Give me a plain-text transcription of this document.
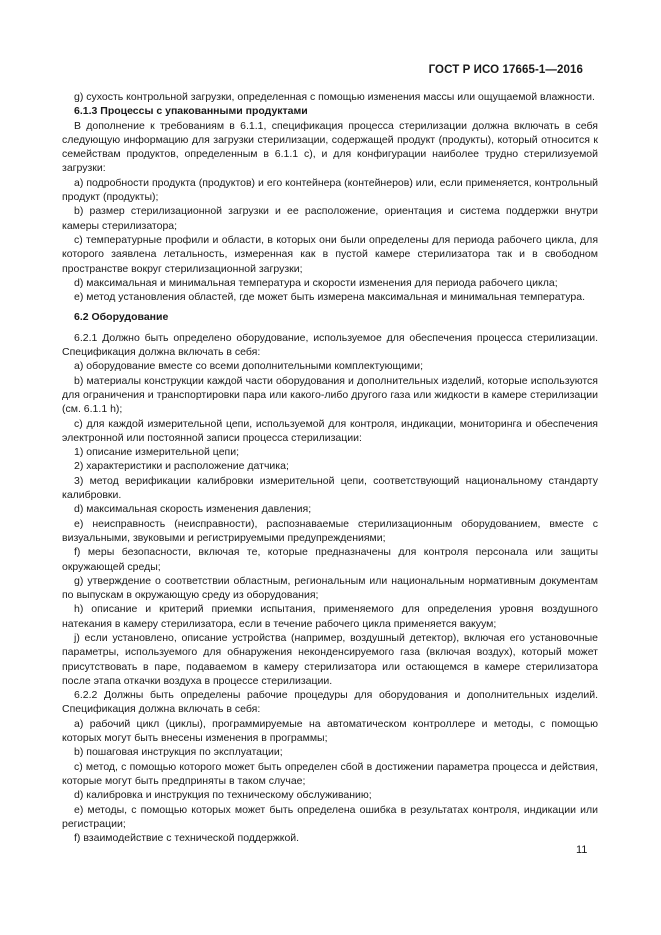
ГОСТ Р ИСО 17665-1—2016

g) сухость контрольной загрузки, определенная с помощью изменения массы или ощущаемой влажности.

6.1.3 Процессы с упакованными продуктами

В дополнение к требованиям в 6.1.1, спецификация процесса стерилизации должна включать в себя следующую информацию для загрузки стерилизации, содержащей продукт (продукты), который относится к семействам продуктов, определенным в 6.1.1 c), и для конфигурации наиболее трудно стерилизуемой загрузки:

a) подробности продукта (продуктов) и его контейнера (контейнеров) или, если применяется, контрольный продукт (продукты);

b) размер стерилизационной загрузки и ее расположение, ориентация и система поддержки внутри камеры стерилизатора;

c) температурные профили и области, в которых они были определены для периода рабочего цикла, для которого заявлена летальность, измеренная как в пустой камере стерилизатора так и в свободном пространстве вокруг стерилизационной загрузки;

d) максимальная и минимальная температура и скорости изменения для периода рабочего цикла;

e) метод установления областей, где может быть измерена максимальная и минимальная температура.

6.2 Оборудование

6.2.1 Должно быть определено оборудование, используемое для обеспечения процесса стерилизации. Спецификация должна включать в себя:

a) оборудование вместе со всеми дополнительными комплектующими;

b) материалы конструкции каждой части оборудования и дополнительных изделий, которые используются для ограничения и транспортировки пара или какого-либо другого газа или жидкости в камере стерилизации (см. 6.1.1 h);

c) для каждой измерительной цепи, используемой для контроля, индикации, мониторинга и обеспечения электронной или постоянной записи процесса стерилизации:

1) описание измерительной цепи;

2) характеристики и расположение датчика;

3) метод верификации калибровки измерительной цепи, соответствующий национальному стандарту калибровки.

d) максимальная скорость изменения давления;

e) неисправность (неисправности), распознаваемые стерилизационным оборудованием, вместе с визуальными, звуковыми и регистрируемыми предупреждениями;

f) меры безопасности, включая те, которые предназначены для контроля персонала или защиты окружающей среды;

g) утверждение о соответствии областным, региональным или национальным нормативным документам по выпускам в окружающую среду из оборудования;

h) описание и критерий приемки испытания, применяемого для определения уровня воздушного натекания в камеру стерилизатора, если в течение рабочего цикла применяется вакуум;

j) если установлено, описание устройства (например, воздушный детектор), включая его установочные параметры, используемого для обнаружения неконденсируемого газа (включая воздух), который может присутствовать в паре, подаваемом в камеру стерилизатора или остающемся в камере стерилизатора после этапа откачки воздуха в процессе стерилизации.

6.2.2 Должны быть определены рабочие процедуры для оборудования и дополнительных изделий. Спецификация должна включать в себя:

a) рабочий цикл (циклы), программируемые на автоматическом контроллере и методы, с помощью которых могут быть внесены изменения в программы;

b) пошаговая инструкция по эксплуатации;

c) метод, с помощью которого может быть определен сбой в достижении параметра процесса и действия, которые могут быть предприняты в таком случае;

d) калибровка и инструкция по техническому обслуживанию;

e) методы, с помощью которых может быть определена ошибка в результатах контроля, индикации или регистрации;

f) взаимодействие с технической поддержкой.

11
